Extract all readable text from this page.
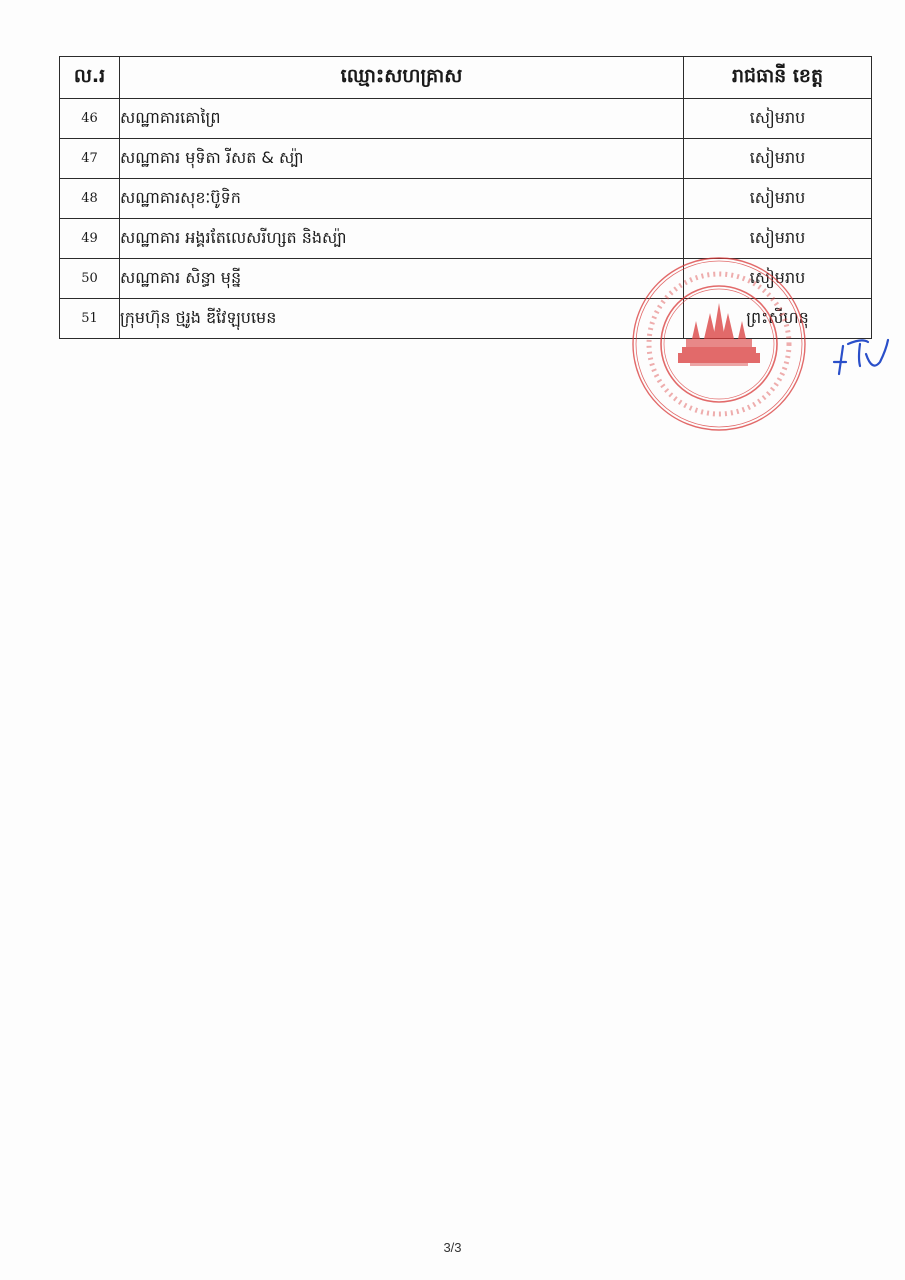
ល.រ	ឈ្មោះសហគ្រាស	រាជធានី ខេត្ត
46	សណ្ឋាគារគោព្រៃ	សៀមរាប
47	សណ្ឋាគារ មុទិតា រីសត & ស្ប៉ា	សៀមរាប
48	សណ្ឋាគារសុខៈប៊ូទិក	សៀមរាប
49	សណ្ឋាគារ អង្គរតែលេសរីហ្សត និងស្ប៉ា	សៀមរាប
50	សណ្ឋាគារ សិន្ធា មុន្នី	សៀមរាប
51	ក្រុមហ៊ុន ថ្មរូង ឌីវែឡុបមេន	ព្រះសីហនុ
3/3
